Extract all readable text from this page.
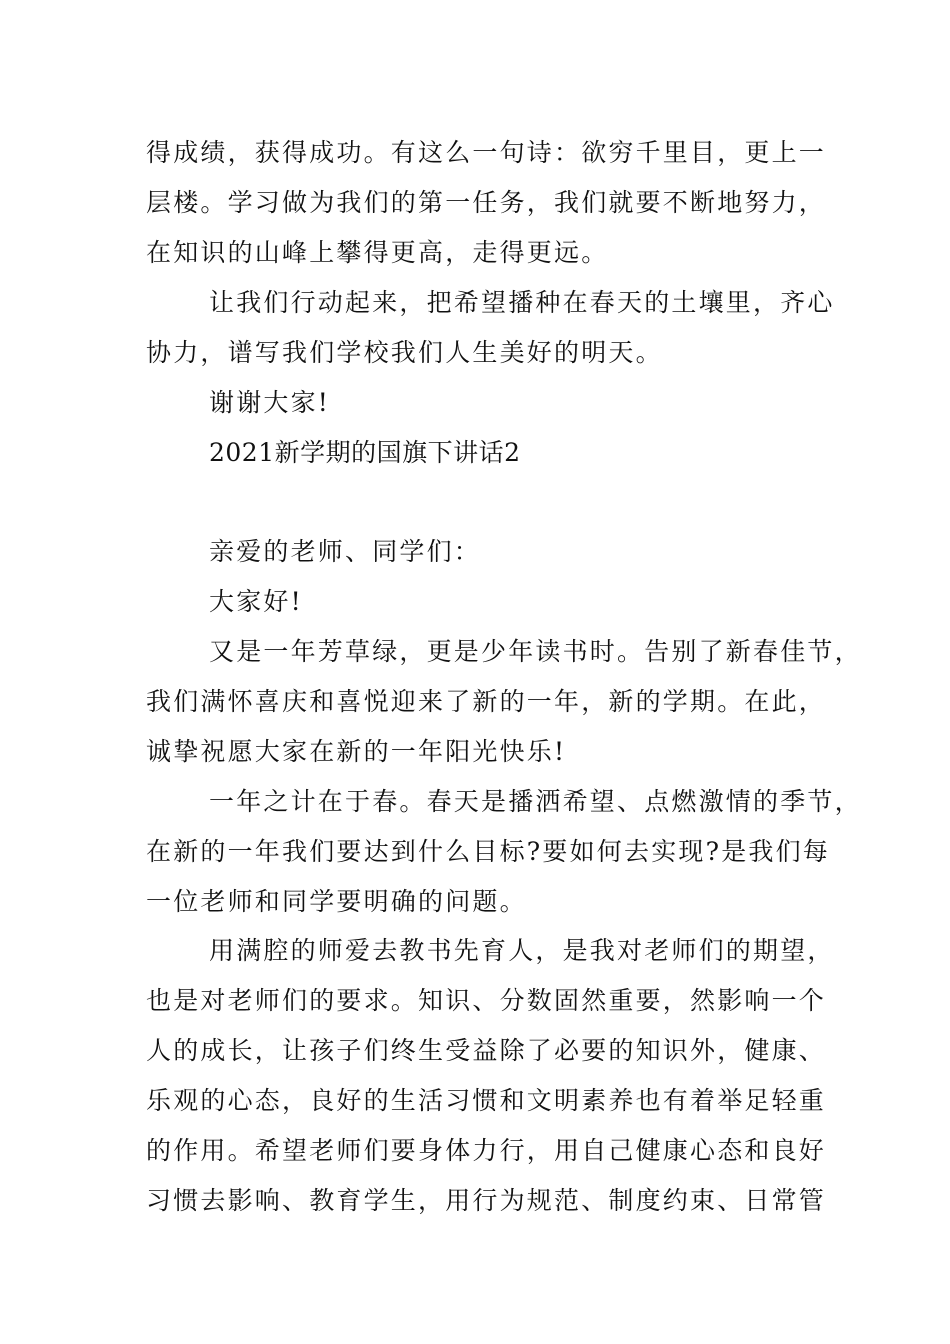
得成绩，获得成功。有这么一句诗：欲穷千里目，更上一
层楼。学习做为我们的第一任务，我们就要不断地努力，
在知识的山峰上攀得更高，走得更远。
让我们行动起来，把希望播种在春天的土壤里，齐心
协力，谱写我们学校我们人生美好的明天。
谢谢大家!
2021新学期的国旗下讲话2
亲爱的老师、同学们：
大家好!
又是一年芳草绿，更是少年读书时。告别了新春佳节，
我们满怀喜庆和喜悦迎来了新的一年，新的学期。在此，
诚挚祝愿大家在新的一年阳光快乐!
一年之计在于春。春天是播洒希望、点燃激情的季节，
在新的一年我们要达到什么目标?要如何去实现?是我们每
一位老师和同学要明确的问题。
用满腔的师爱去教书先育人，是我对老师们的期望，
也是对老师们的要求。知识、分数固然重要，然影响一个
人的成长，让孩子们终生受益除了必要的知识外，健康、
乐观的心态，良好的生活习惯和文明素养也有着举足轻重
的作用。希望老师们要身体力行，用自己健康心态和良好
习惯去影响、教育学生，用行为规范、制度约束、日常管
